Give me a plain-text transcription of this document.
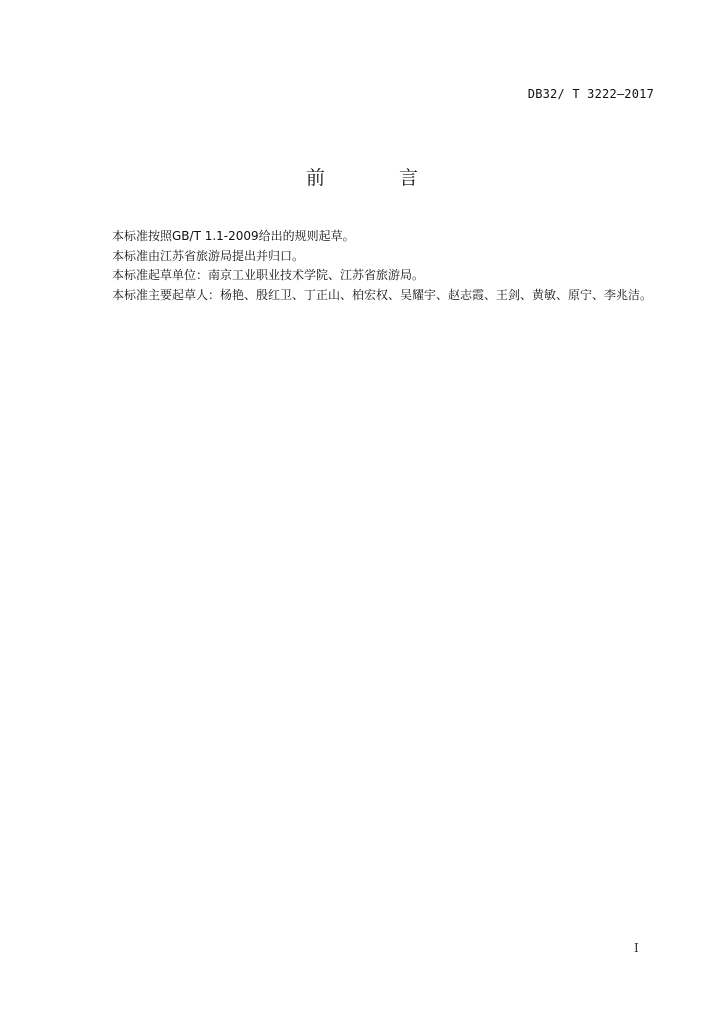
DB32/ T 3222—2017
前 言

本标准按照GB/T 1.1-2009给出的规则起草。

本标准由江苏省旅游局提出并归口。

本标准起草单位：南京工业职业技术学院、江苏省旅游局。

本标准主要起草人：杨艳、殷红卫、丁正山、柏宏权、吴耀宇、赵志霞、王剑、黄敏、原宁、李兆洁。

I
